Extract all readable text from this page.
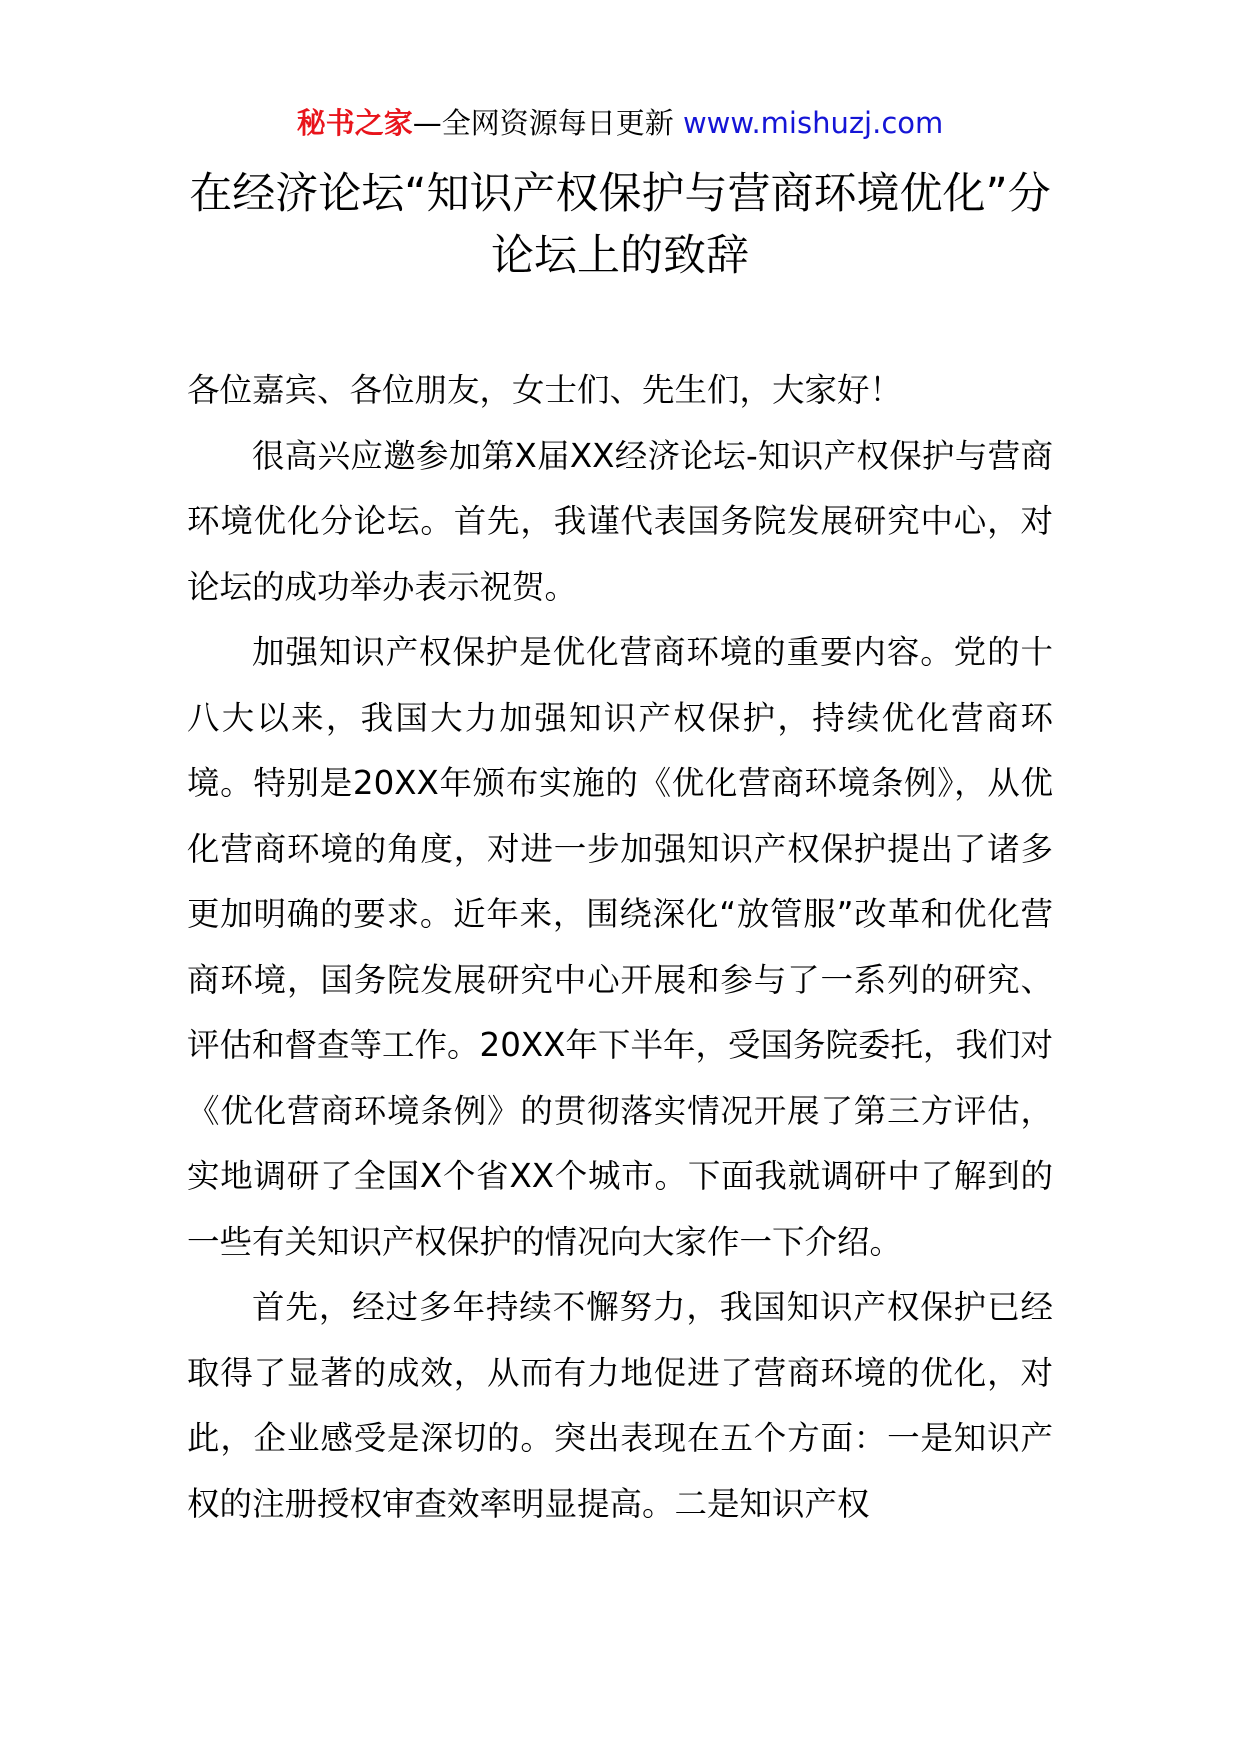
秘书之家—全网资源每日更新 www.mishuzj.com
在经济论坛“知识产权保护与营商环境优化”分论坛上的致辞

各位嘉宾、各位朋友，女士们、先生们，大家好！

很高兴应邀参加第X届XX经济论坛-知识产权保护与营商环境优化分论坛。首先，我谨代表国务院发展研究中心，对论坛的成功举办表示祝贺。

加强知识产权保护是优化营商环境的重要内容。党的十八大以来，我国大力加强知识产权保护，持续优化营商环境。特别是20XX年颁布实施的《优化营商环境条例》，从优化营商环境的角度，对进一步加强知识产权保护提出了诸多更加明确的要求。近年来，围绕深化“放管服”改革和优化营商环境，国务院发展研究中心开展和参与了一系列的研究、评估和督查等工作。20XX年下半年，受国务院委托，我们对《优化营商环境条例》的贯彻落实情况开展了第三方评估，实地调研了全国X个省XX个城市。下面我就调研中了解到的一些有关知识产权保护的情况向大家作一下介绍。

首先，经过多年持续不懈努力，我国知识产权保护已经取得了显著的成效，从而有力地促进了营商环境的优化，对此，企业感受是深切的。突出表现在五个方面：一是知识产权的注册授权审查效率明显提高。二是知识产权
